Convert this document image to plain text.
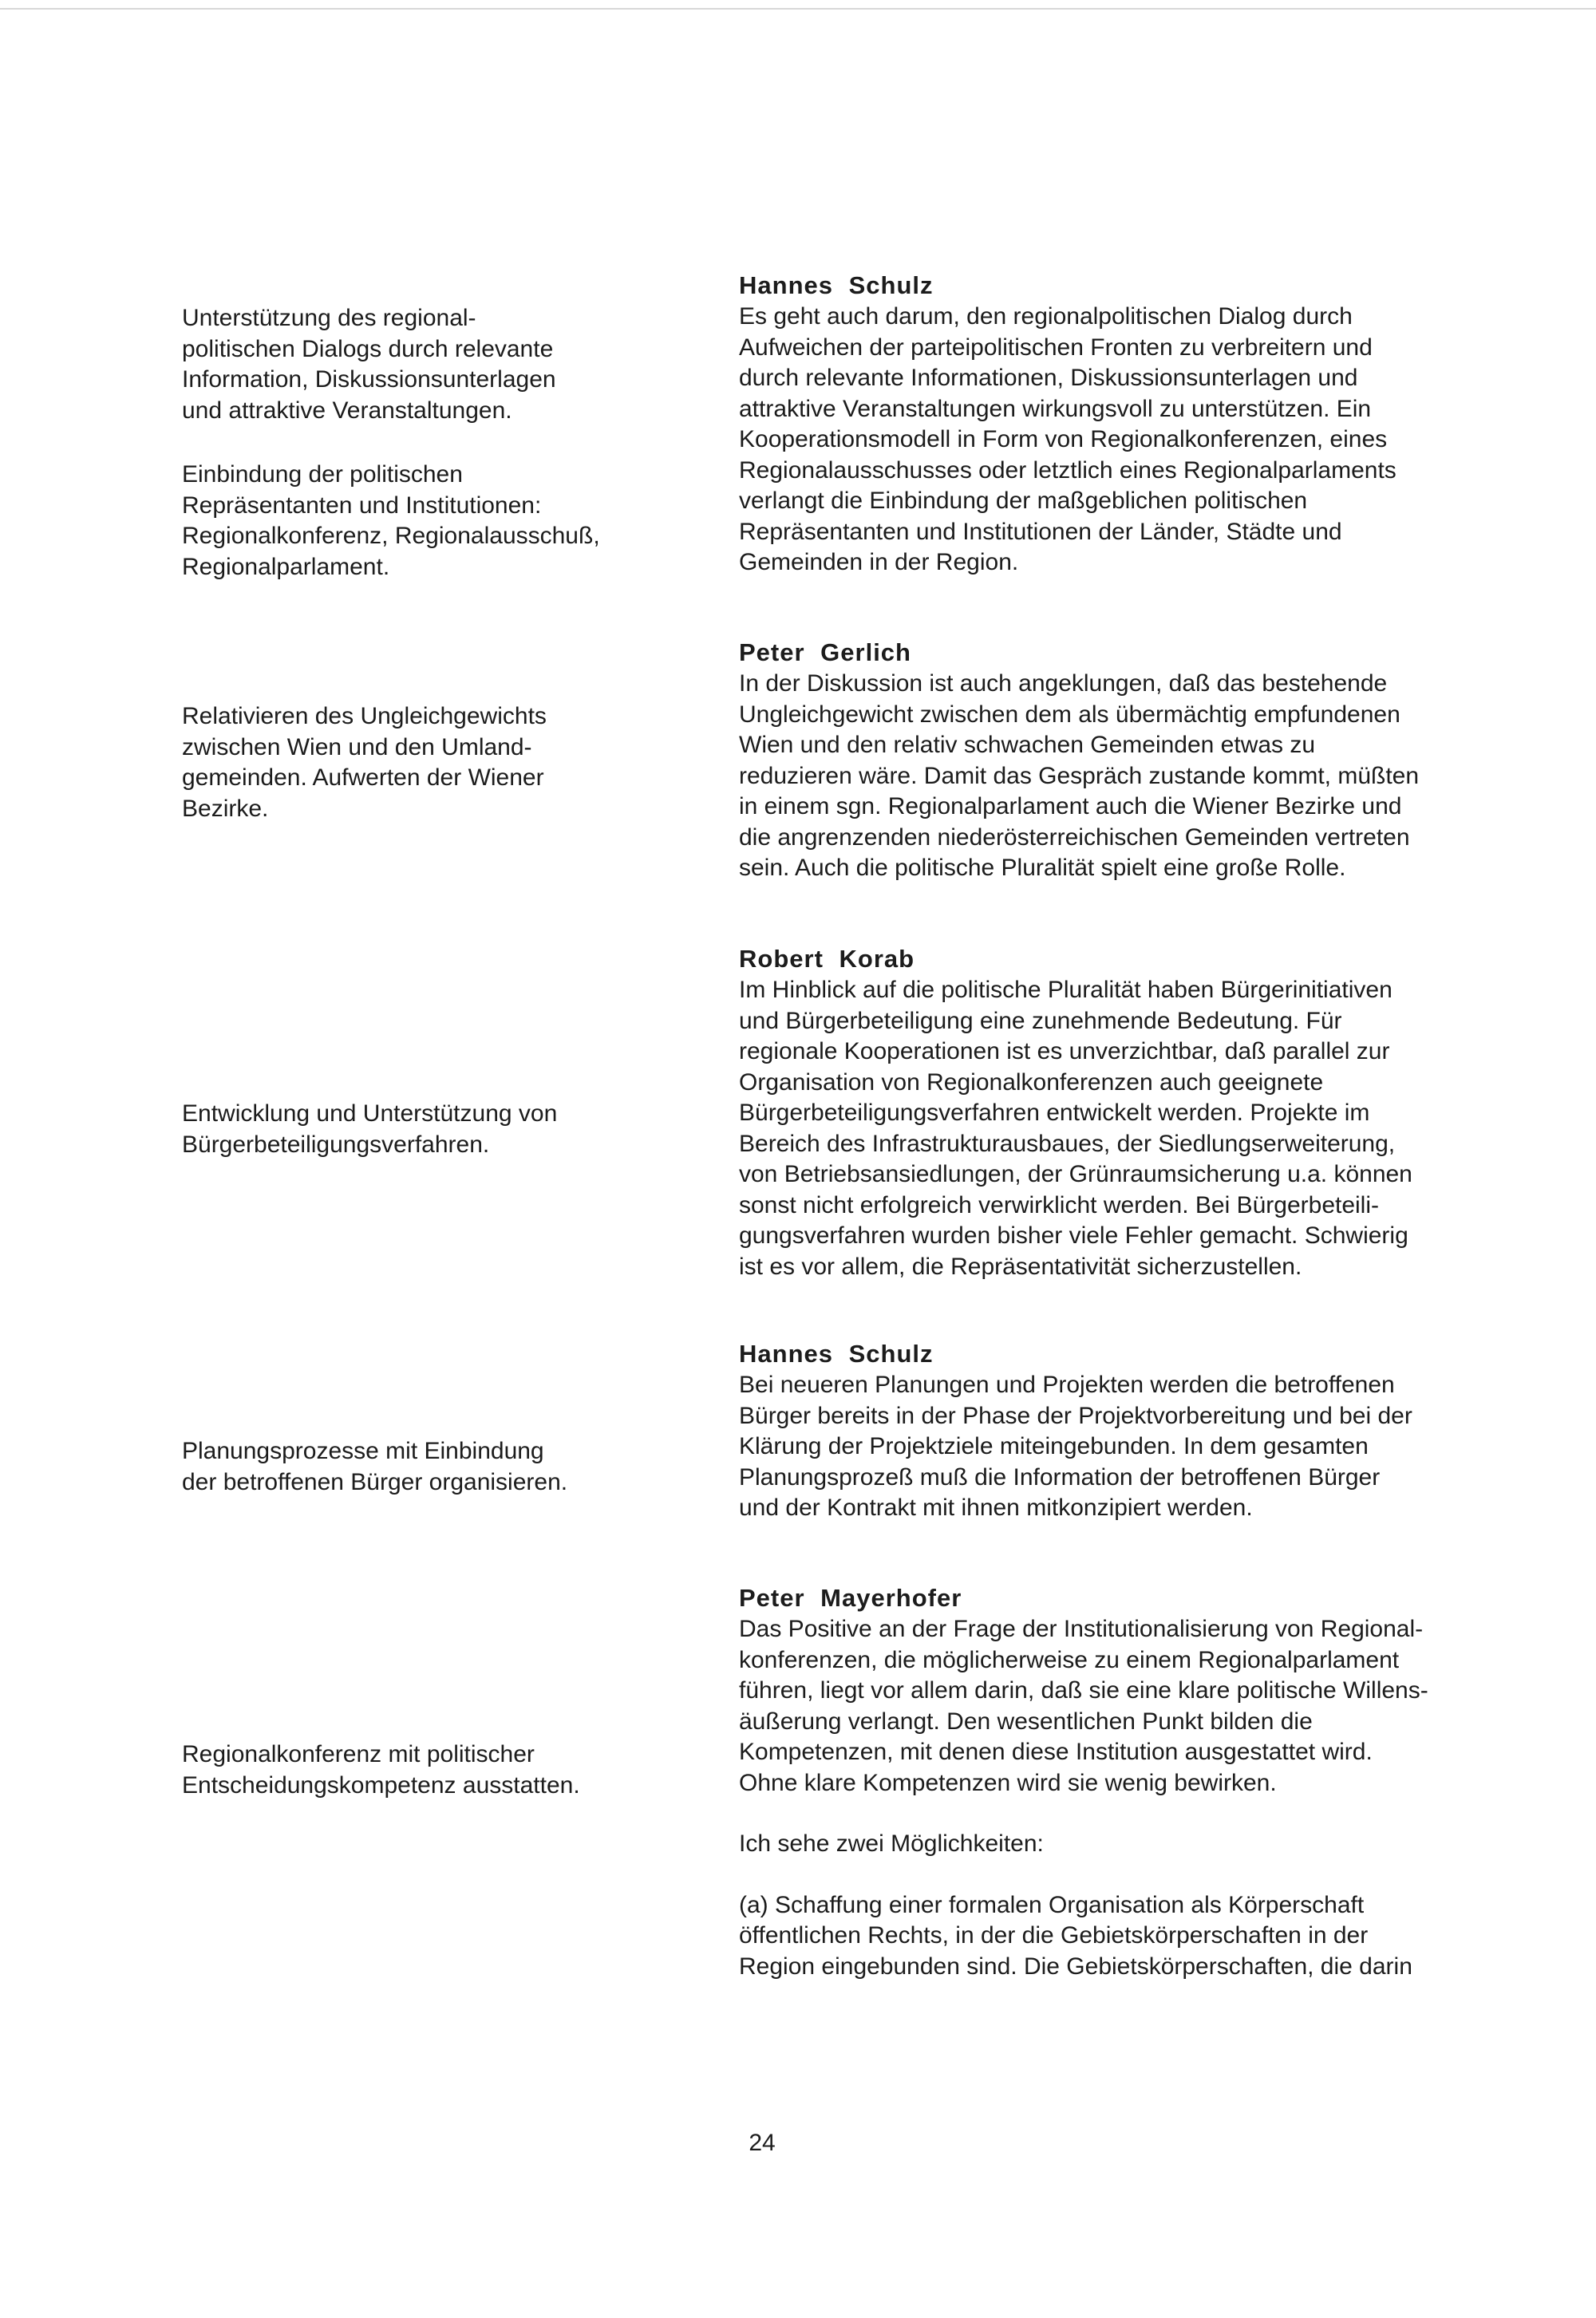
Unterstützung des regional-
politischen Dialogs durch relevante
Information, Diskussionsunterlagen
und attraktive Veranstaltungen.
Einbindung der politischen
Repräsentanten und Institutionen:
Regionalkonferenz, Regionalausschuß,
Regionalparlament.
Relativieren des Ungleichgewichts
zwischen Wien und den Umland-
gemeinden. Aufwerten der Wiener
Bezirke.
Entwicklung und Unterstützung von
Bürgerbeteiligungsverfahren.
Planungsprozesse mit Einbindung
der betroffenen Bürger organisieren.
Regionalkonferenz mit politischer
Entscheidungskompetenz ausstatten.
Hannes Schulz
Es geht auch darum, den regionalpolitischen Dialog durch
Aufweichen der parteipolitischen Fronten zu verbreitern und
durch relevante Informationen, Diskussionsunterlagen und
attraktive Veranstaltungen wirkungsvoll zu unterstützen. Ein
Kooperationsmodell in Form von Regionalkonferenzen, eines
Regionalausschusses oder letztlich eines Regionalparlaments
verlangt die Einbindung der maßgeblichen politischen
Repräsentanten und Institutionen der Länder, Städte und
Gemeinden in der Region.
Peter Gerlich
In der Diskussion ist auch angeklungen, daß das bestehende
Ungleichgewicht zwischen dem als übermächtig empfundenen
Wien und den relativ schwachen Gemeinden etwas zu
reduzieren wäre. Damit das Gespräch zustande kommt, müßten
in einem sgn. Regionalparlament auch die Wiener Bezirke und
die angrenzenden niederösterreichischen Gemeinden vertreten
sein. Auch die politische Pluralität spielt eine große Rolle.
Robert Korab
Im Hinblick auf die politische Pluralität haben Bürgerinitiativen
und Bürgerbeteiligung eine zunehmende Bedeutung. Für
regionale Kooperationen ist es unverzichtbar, daß parallel zur
Organisation von Regionalkonferenzen auch geeignete
Bürgerbeteiligungsverfahren entwickelt werden. Projekte im
Bereich des Infrastrukturausbaues, der Siedlungserweiterung,
von Betriebsansiedlungen, der Grünraumsicherung u.a. können
sonst nicht erfolgreich verwirklicht werden. Bei Bürgerbeteili-
gungsverfahren wurden bisher viele Fehler gemacht. Schwierig
ist es vor allem, die Repräsentativität sicherzustellen.
Hannes Schulz
Bei neueren Planungen und Projekten werden die betroffenen
Bürger bereits in der Phase der Projektvorbereitung und bei der
Klärung der Projektziele miteingebunden. In dem gesamten
Planungsprozeß muß die Information der betroffenen Bürger
und der Kontrakt mit ihnen mitkonzipiert werden.
Peter Mayerhofer
Das Positive an der Frage der Institutionalisierung von Regional-
konferenzen, die möglicherweise zu einem Regionalparlament
führen, liegt vor allem darin, daß sie eine klare politische Willens-
äußerung verlangt. Den wesentlichen Punkt bilden die
Kompetenzen, mit denen diese Institution ausgestattet wird.
Ohne klare Kompetenzen wird sie wenig bewirken.
Ich sehe zwei Möglichkeiten:
(a) Schaffung einer formalen Organisation als Körperschaft
öffentlichen Rechts, in der die Gebietskörperschaften in der
Region eingebunden sind. Die Gebietskörperschaften, die darin
24
